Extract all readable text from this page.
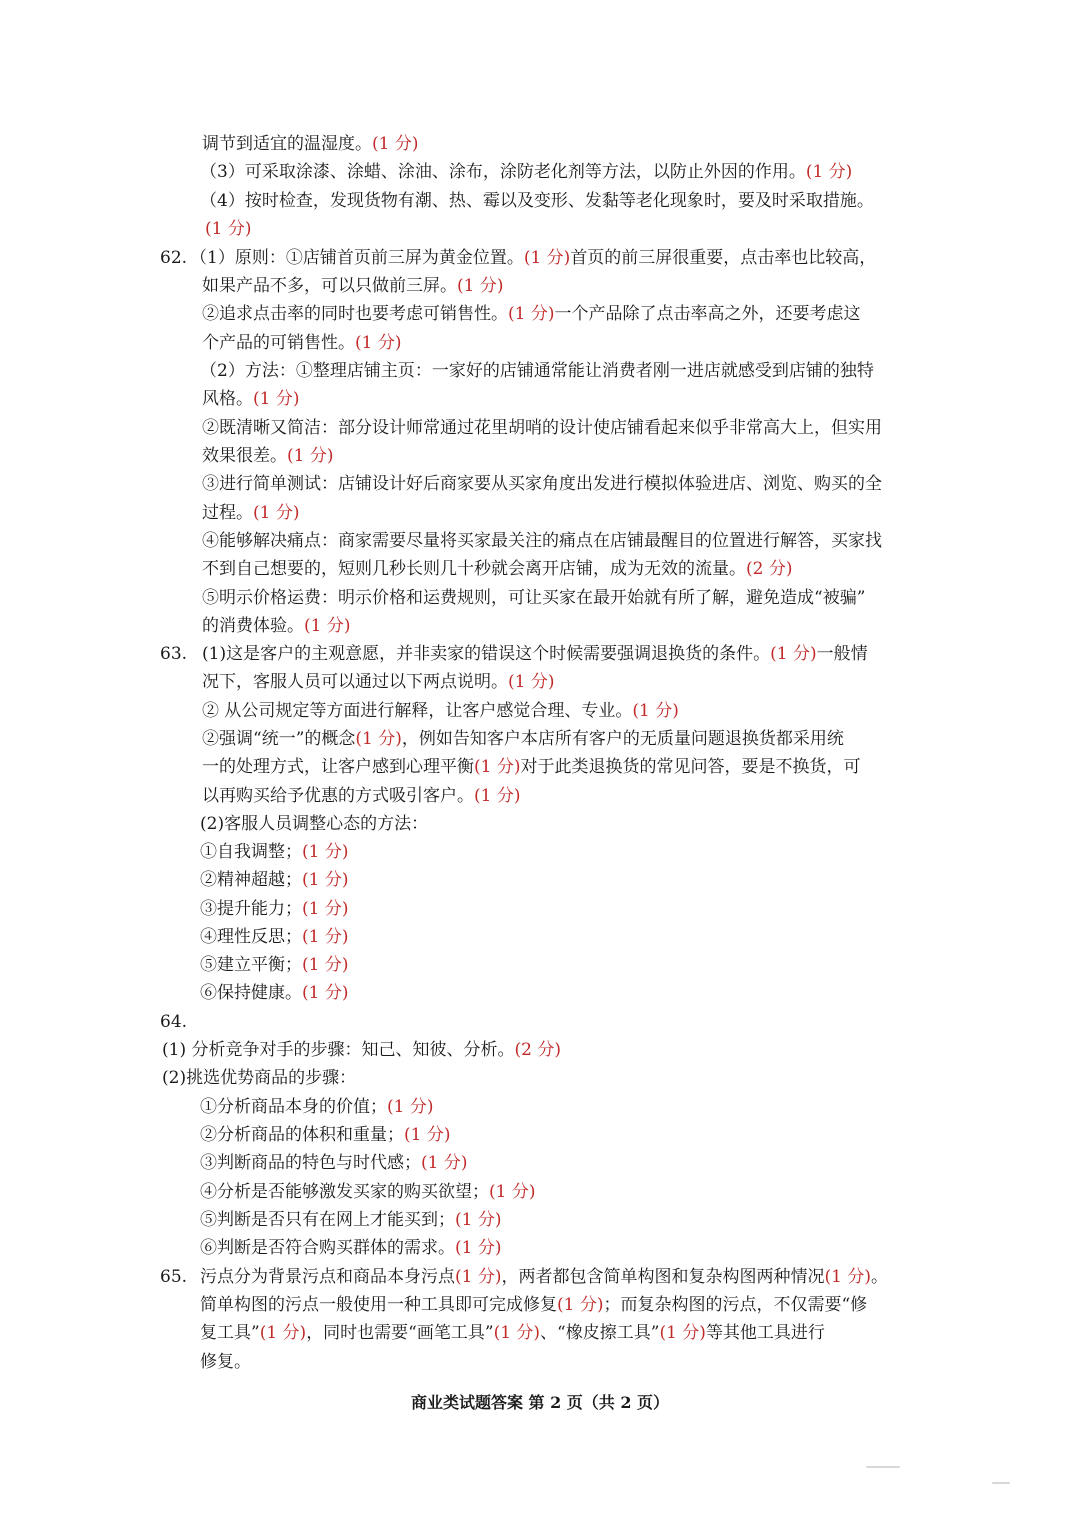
调节到适宜的温湿度。(1 分)
（3）可采取涂漆、涂蜡、涂油、涂布，涂防老化剂等方法，以防止外因的作用。(1 分)
（4）按时检查，发现货物有潮、热、霉以及变形、发黏等老化现象时，要及时采取措施。
(1 分)
62. （1）原则：①店铺首页前三屏为黄金位置。(1 分)首页的前三屏很重要，点击率也比较高，
如果产品不多，可以只做前三屏。(1 分)
②追求点击率的同时也要考虑可销售性。(1 分)一个产品除了点击率高之外，还要考虑这
个产品的可销售性。(1 分)
（2）方法：①整理店铺主页：一家好的店铺通常能让消费者刚一进店就感受到店铺的独特
风格。(1 分)
②既清晰又简洁：部分设计师常通过花里胡哨的设计使店铺看起来似乎非常高大上，但实用
效果很差。(1 分)
③进行简单测试：店铺设计好后商家要从买家角度出发进行模拟体验进店、浏览、购买的全
过程。(1 分)
④能够解决痛点：商家需要尽量将买家最关注的痛点在店铺最醒目的位置进行解答，买家找
不到自己想要的，短则几秒长则几十秒就会离开店铺，成为无效的流量。(2 分)
⑤明示价格运费：明示价格和运费规则，可让买家在最开始就有所了解，避免造成“被骗”
的消费体验。(1 分)
63. (1)这是客户的主观意愿，并非卖家的错误这个时候需要强调退换货的条件。(1 分)一般情
况下，客服人员可以通过以下两点说明。(1 分)
② 从公司规定等方面进行解释，让客户感觉合理、专业。(1 分)
②强调“统一”的概念(1 分)，例如告知客户本店所有客户的无质量问题退换货都采用统
一的处理方式，让客户感到心理平衡(1 分)对于此类退换货的常见问答，要是不换货，可
以再购买给予优惠的方式吸引客户。(1 分)
(2)客服人员调整心态的方法：
①自我调整；(1 分)
②精神超越；(1 分)
③提升能力；(1 分)
④理性反思；(1 分)
⑤建立平衡；(1 分)
⑥保持健康。(1 分)
64.
(1) 分析竞争对手的步骤：知己、知彼、分析。(2 分)
(2)挑选优势商品的步骤：
①分析商品本身的价值；(1 分)
②分析商品的体积和重量；(1 分)
③判断商品的特色与时代感；(1 分)
④分析是否能够激发买家的购买欲望；(1 分)
⑤判断是否只有在网上才能买到；(1 分)
⑥判断是否符合购买群体的需求。(1 分)
65. 污点分为背景污点和商品本身污点(1 分)，两者都包含简单构图和复杂构图两种情况(1 分)。
简单构图的污点一般使用一种工具即可完成修复(1 分)；而复杂构图的污点，不仅需要“修
复工具”(1 分)，同时也需要“画笔工具”(1 分)、“橡皮擦工具”(1 分)等其他工具进行
修复。
商业类试题答案 第 2 页（共 2 页）
